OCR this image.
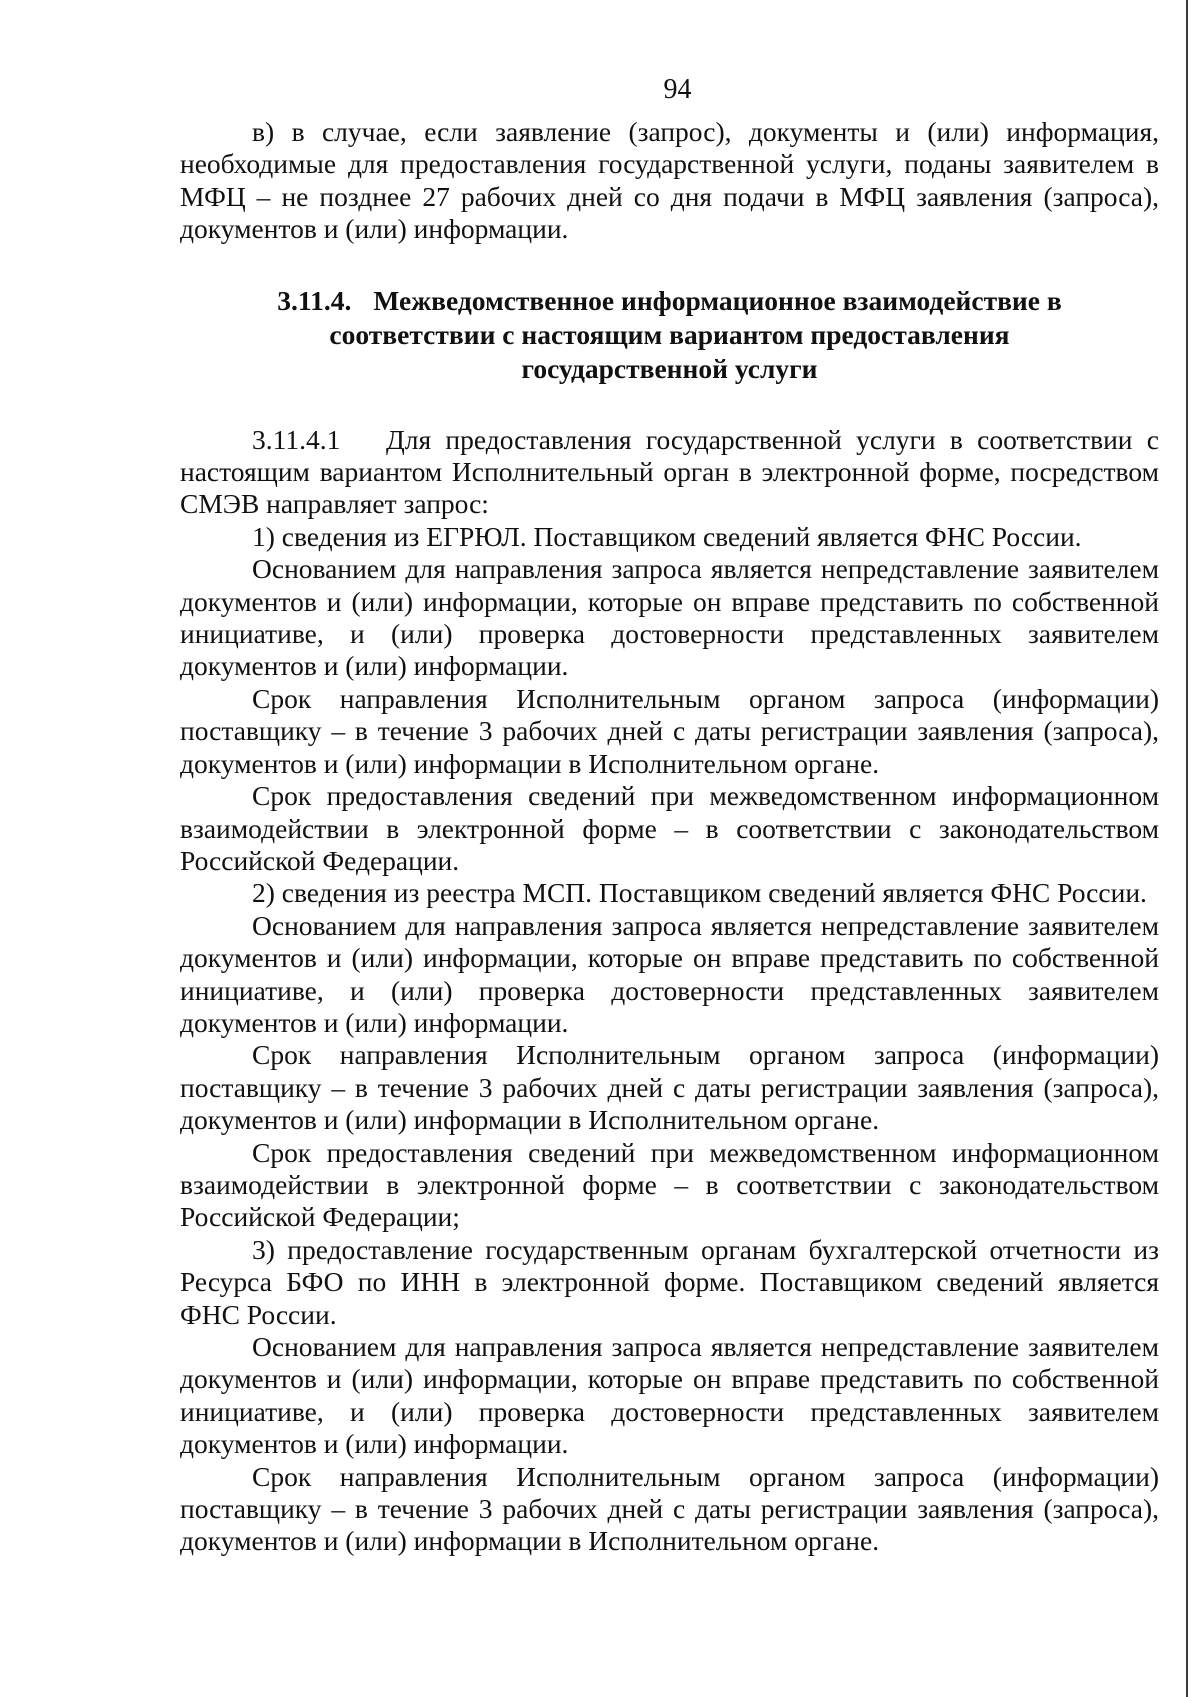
94

в) в случае, если заявление (запрос), документы и (или) информация, необходимые для предоставления государственной услуги, поданы заявителем в МФЦ – не позднее 27 рабочих дней со дня подачи в МФЦ заявления (запроса), документов и (или) информации.

3.11.4. Межведомственное информационное взаимодействие в
соответствии с настоящим вариантом предоставления
государственной услуги

3.11.4.1 Для предоставления государственной услуги в соответствии с настоящим вариантом Исполнительный орган в электронной форме, посредством СМЭВ направляет запрос:

1) сведения из ЕГРЮЛ. Поставщиком сведений является ФНС России.

Основанием для направления запроса является непредставление заявителем документов и (или) информации, которые он вправе представить по собственной инициативе, и (или) проверка достоверности представленных заявителем документов и (или) информации.

Срок направления Исполнительным органом запроса (информации) поставщику – в течение 3 рабочих дней с даты регистрации заявления (запроса), документов и (или) информации в Исполнительном органе.

Срок предоставления сведений при межведомственном информационном взаимодействии в электронной форме – в соответствии с законодательством Российской Федерации.

2) сведения из реестра МСП. Поставщиком сведений является ФНС России.

Основанием для направления запроса является непредставление заявителем документов и (или) информации, которые он вправе представить по собственной инициативе, и (или) проверка достоверности представленных заявителем документов и (или) информации.

Срок направления Исполнительным органом запроса (информации) поставщику – в течение 3 рабочих дней с даты регистрации заявления (запроса), документов и (или) информации в Исполнительном органе.

Срок предоставления сведений при межведомственном информационном взаимодействии в электронной форме – в соответствии с законодательством Российской Федерации;

3) предоставление государственным органам бухгалтерской отчетности из Ресурса БФО по ИНН в электронной форме. Поставщиком сведений является ФНС России.

Основанием для направления запроса является непредставление заявителем документов и (или) информации, которые он вправе представить по собственной инициативе, и (или) проверка достоверности представленных заявителем документов и (или) информации.

Срок направления Исполнительным органом запроса (информации) поставщику – в течение 3 рабочих дней с даты регистрации заявления (запроса), документов и (или) информации в Исполнительном органе.
